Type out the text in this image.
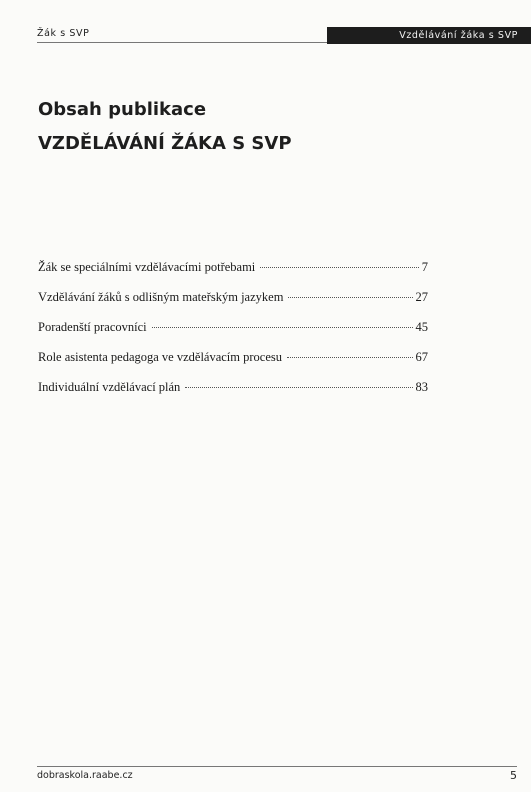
Žák s SVP	Vzdělávání žáka s SVP
Obsah publikace
VZDĚLÁVÁNÍ ŽÁKA S SVP
Žák se speciálními vzdělávacími potřebami	7
Vzdělávání žáků s odlišným mateřským jazykem	27
Poradenští pracovníci	45
Role asistenta pedagoga ve vzdělávacím procesu	67
Individuální vzdělávací plán	83
dobraskola.raabe.cz	5
